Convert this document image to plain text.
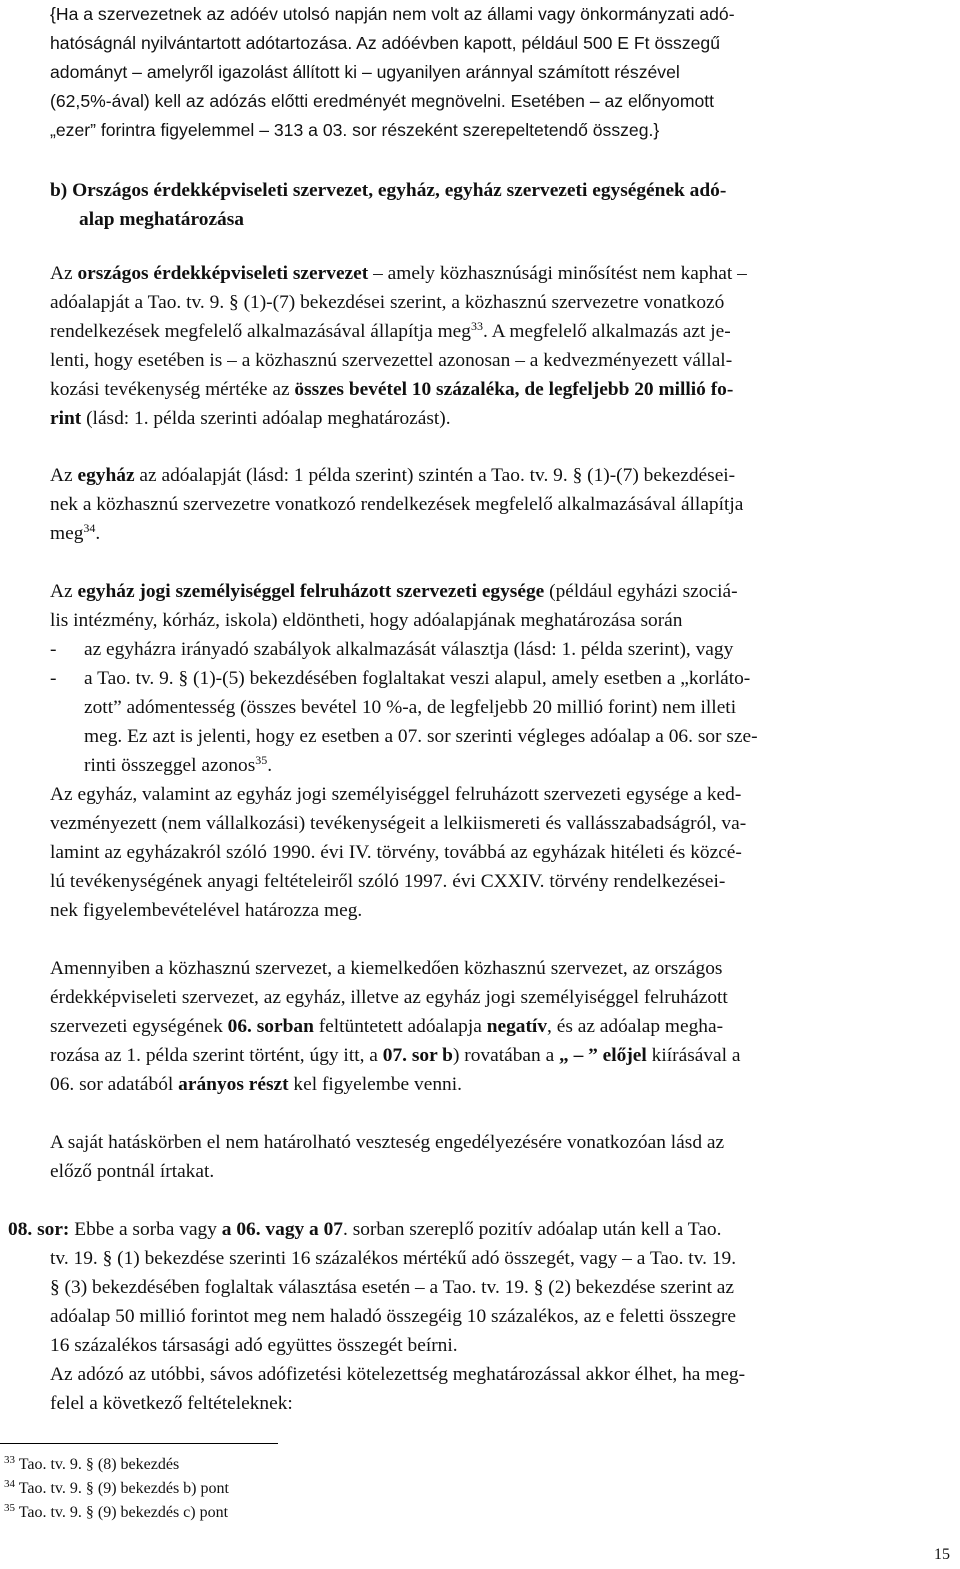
{Ha a szervezetnek az adóév utolsó napján nem volt az állami vagy önkormányzati adó-
hatóságnál nyilvántartott adótartozása. Az adóévben kapott, például 500 E Ft összegű
adományt – amelyről igazolást állított ki – ugyanilyen aránnyal számított részével
(62,5%-ával) kell az adózás előtti eredményét megnövelni. Esetében – az előnyomott
„ezer” forintra figyelemmel – 313 a 03. sor részeként szerepeltetendő összeg.}
b) Országos érdekképviseleti szervezet, egyház, egyház szervezeti egységének adó-
alap meghatározása
Az országos érdekképviseleti szervezet – amely közhasznúsági minősítést nem kaphat –
adóalapját a Tao. tv. 9. § (1)-(7) bekezdései szerint, a közhasznú szervezetre vonatkozó
rendelkezések megfelelő alkalmazásával állapítja meg$^{33}$. A megfelelő alkalmazás azt je-
lenti, hogy esetében is – a közhasznú szervezettel azonosan – a kedvezményezett vállal-
kozási tevékenység mértéke az összes bevétel 10 százaléka, de legfeljebb 20 millió fo-
rint (lásd: 1. példa szerinti adóalap meghatározást).
Az egyház az adóalapját (lásd: 1 példa szerint) szintén a Tao. tv. 9. § (1)-(7) bekezdései-
nek a közhasznú szervezetre vonatkozó rendelkezések megfelelő alkalmazásával állapítja
meg$^{34}$.
Az egyház jogi személyiséggel felruházott szervezeti egysége (például egyházi szociá-
lis intézmény, kórház, iskola) eldöntheti, hogy adóalapjának meghatározása során
- az egyházra irányadó szabályok alkalmazását választja (lásd: 1. példa szerint), vagy
- a Tao. tv. 9. § (1)-(5) bekezdésében foglaltakat veszi alapul, amely esetben a „korláto-
zott” adómentesség (összes bevétel 10 %-a, de legfeljebb 20 millió forint) nem illeti
meg. Ez azt is jelenti, hogy ez esetben a 07. sor szerinti végleges adóalap a 06. sor sze-
rinti összeggel azonos$^{35}$.
Az egyház, valamint az egyház jogi személyiséggel felruházott szervezeti egysége a ked-
vezményezett (nem vállalkozási) tevékenységeit a lelkiismereti és vallásszabadságról, va-
lamint az egyházakról szóló 1990. évi IV. törvény, továbbá az egyházak hitéleti és közcé-
lú tevékenységének anyagi feltételeiről szóló 1997. évi CXXIV. törvény rendelkezései-
nek figyelembevételével határozza meg.
Amennyiben a közhasznú szervezet, a kiemelkedően közhasznú szervezet, az országos
érdekképviseleti szervezet, az egyház, illetve az egyház jogi személyiséggel felruházott
szervezeti egységének 06. sorban feltüntetett adóalapja negatív, és az adóalap megha-
rozása az 1. példa szerint történt, úgy itt, a 07. sor b) rovatában a „ – ” előjel kiírásával a
06. sor adatából arányos részt kel figyelembe venni.
A saját hatáskörben el nem határolható veszteség engedélyezésére vonatkozóan lásd az
előző pontnál írtakat.
08. sor: Ebbe a sorba vagy a 06. vagy a 07. sorban szereplő pozitív adóalap után kell a Tao.
tv. 19. § (1) bekezdése szerinti 16 százalékos mértékű adó összegét, vagy – a Tao. tv. 19.
§ (3) bekezdésében foglaltak választása esetén – a Tao. tv. 19. § (2) bekezdése szerint az
adóalap 50 millió forintot meg nem haladó összegéig 10 százalékos, az e feletti összegre
16 százalékos társasági adó együttes összegét beírni.
Az adózó az utóbbi, sávos adófizetési kötelezettség meghatározással akkor élhet, ha meg-
felel a következő feltételeknek:
$^{33}$ Tao. tv. 9. § (8) bekezdés
$^{34}$ Tao. tv. 9. § (9) bekezdés b) pont
$^{35}$ Tao. tv. 9. § (9) bekezdés c) pont
15
